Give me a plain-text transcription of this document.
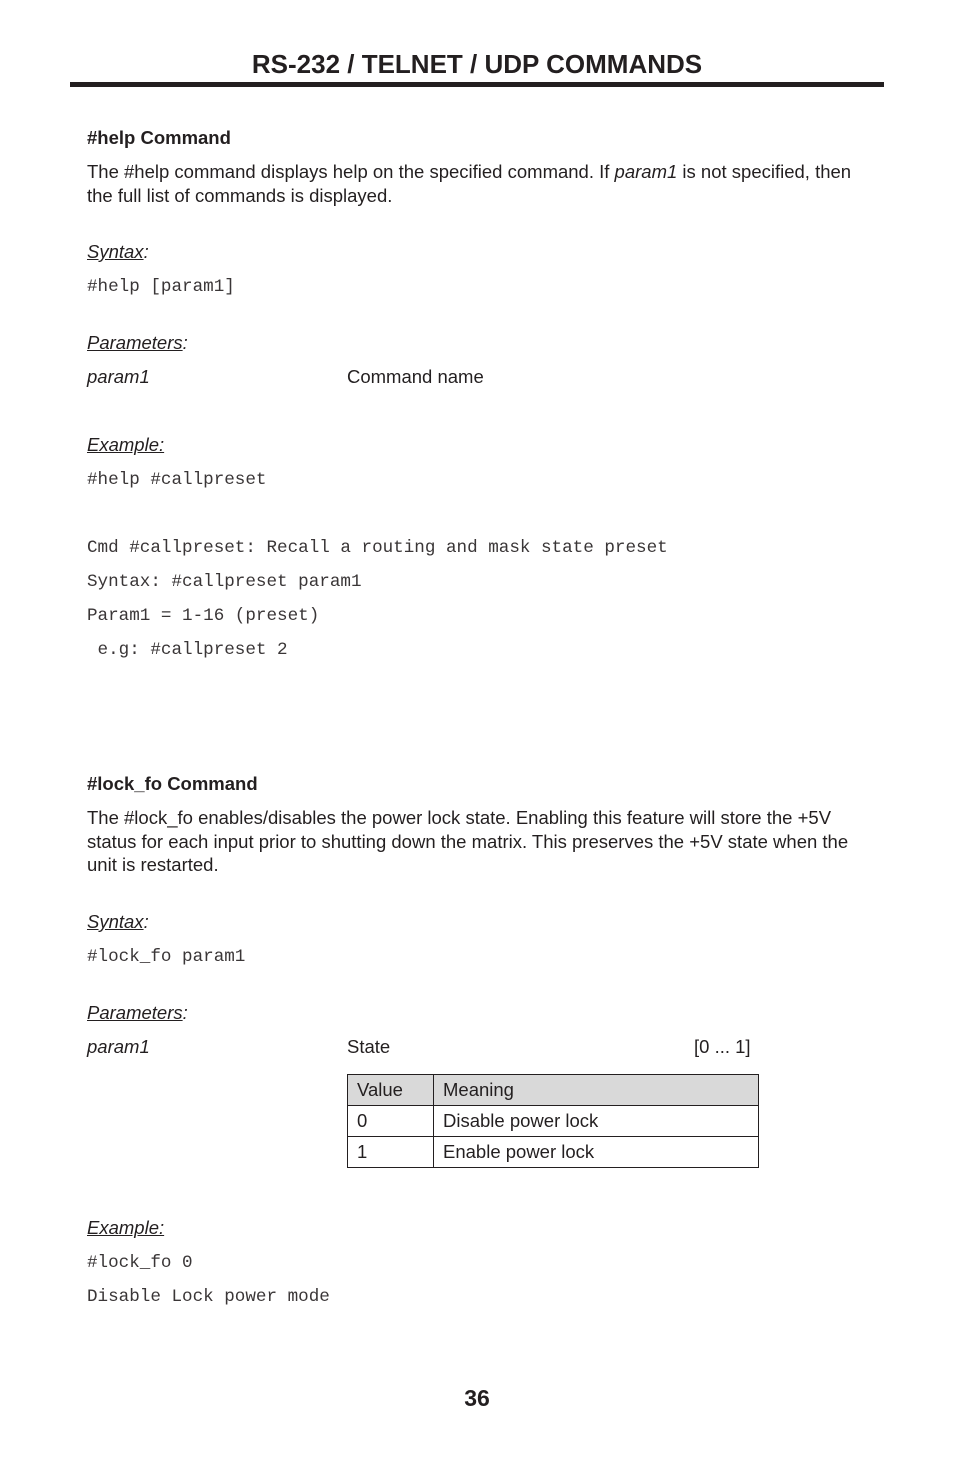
RS-232 / TELNET / UDP COMMANDS
#help Command
The #help command displays help on the specified command. If param1 is not specified, then the full list of commands is displayed.
Syntax:
#help [param1]
Parameters:
param1	Command name
Example:
#help #callpreset
Cmd #callpreset: Recall a routing and mask state preset
Syntax: #callpreset param1
Param1 = 1-16 (preset)
e.g: #callpreset 2
#lock_fo Command
The #lock_fo enables/disables the power lock state. Enabling this feature will store the +5V status for each input prior to shutting down the matrix. This preserves the +5V state when the unit is restarted.
Syntax:
#lock_fo param1
Parameters:
param1	State	[0 ... 1]
Value	Meaning
0	Disable power lock
1	Enable power lock
Example:
#lock_fo 0
Disable Lock power mode
36
